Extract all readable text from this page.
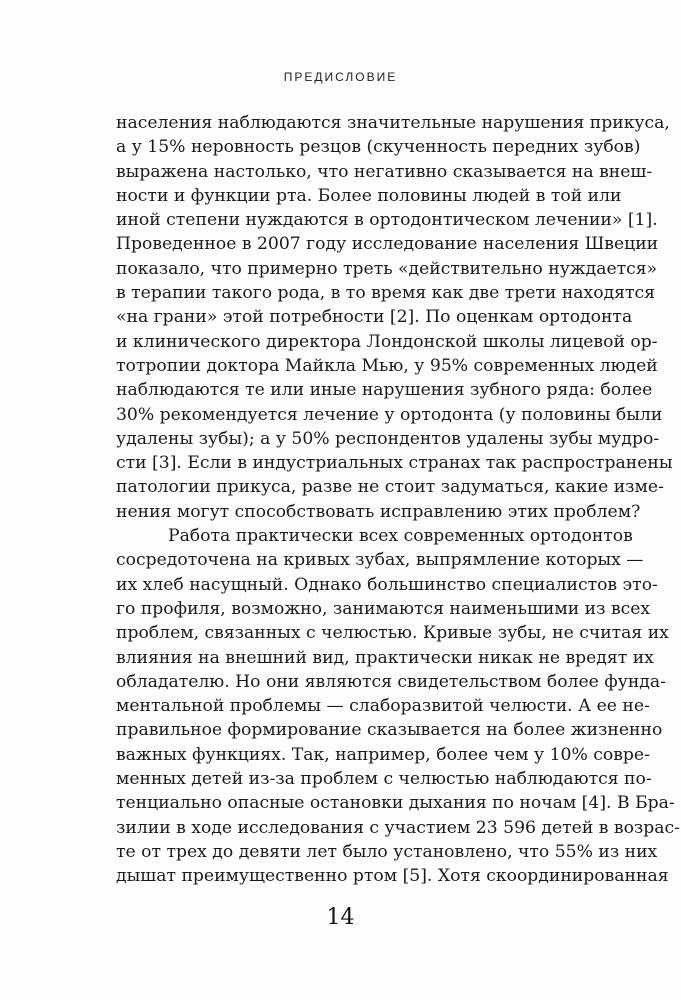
ПРЕДИСЛОВИЕ
населения наблюдаются значительные нарушения прикуса,
а у 15% неровность резцов (скученность передних зубов)
выражена настолько, что негативно сказывается на внеш-
ности и функции рта. Более половины людей в той или
иной степени нуждаются в ортодонтическом лечении» [1].
Проведенное в 2007 году исследование населения Швеции
показало, что примерно треть «действительно нуждается»
в терапии такого рода, в то время как две трети находятся
«на грани» этой потребности [2]. По оценкам ортодонта
и клинического директора Лондонской школы лицевой ор-
тотропии доктора Майкла Мью, у 95% современных людей
наблюдаются те или иные нарушения зубного ряда: более
30% рекомендуется лечение у ортодонта (у половины были
удалены зубы); а у 50% респондентов удалены зубы мудро-
сти [3]. Если в индустриальных странах так распространены
патологии прикуса, разве не стоит задуматься, какие изме-
нения могут способствовать исправлению этих проблем?
Работа практически всех современных ортодонтов
сосредоточена на кривых зубах, выпрямление которых —
их хлеб насущный. Однако большинство специалистов это-
го профиля, возможно, занимаются наименьшими из всех
проблем, связанных с челюстью. Кривые зубы, не считая их
влияния на внешний вид, практически никак не вредят их
обладателю. Но они являются свидетельством более фунда-
ментальной проблемы — слаборазвитой челюсти. А ее не-
правильное формирование сказывается на более жизненно
важных функциях. Так, например, более чем у 10% совре-
менных детей из-за проблем с челюстью наблюдаются по-
тенциально опасные остановки дыхания по ночам [4]. В Бра-
зилии в ходе исследования с участием 23 596 детей в возрас-
те от трех до девяти лет было установлено, что 55% из них
дышат преимущественно ртом [5]. Хотя скоординированная
14
